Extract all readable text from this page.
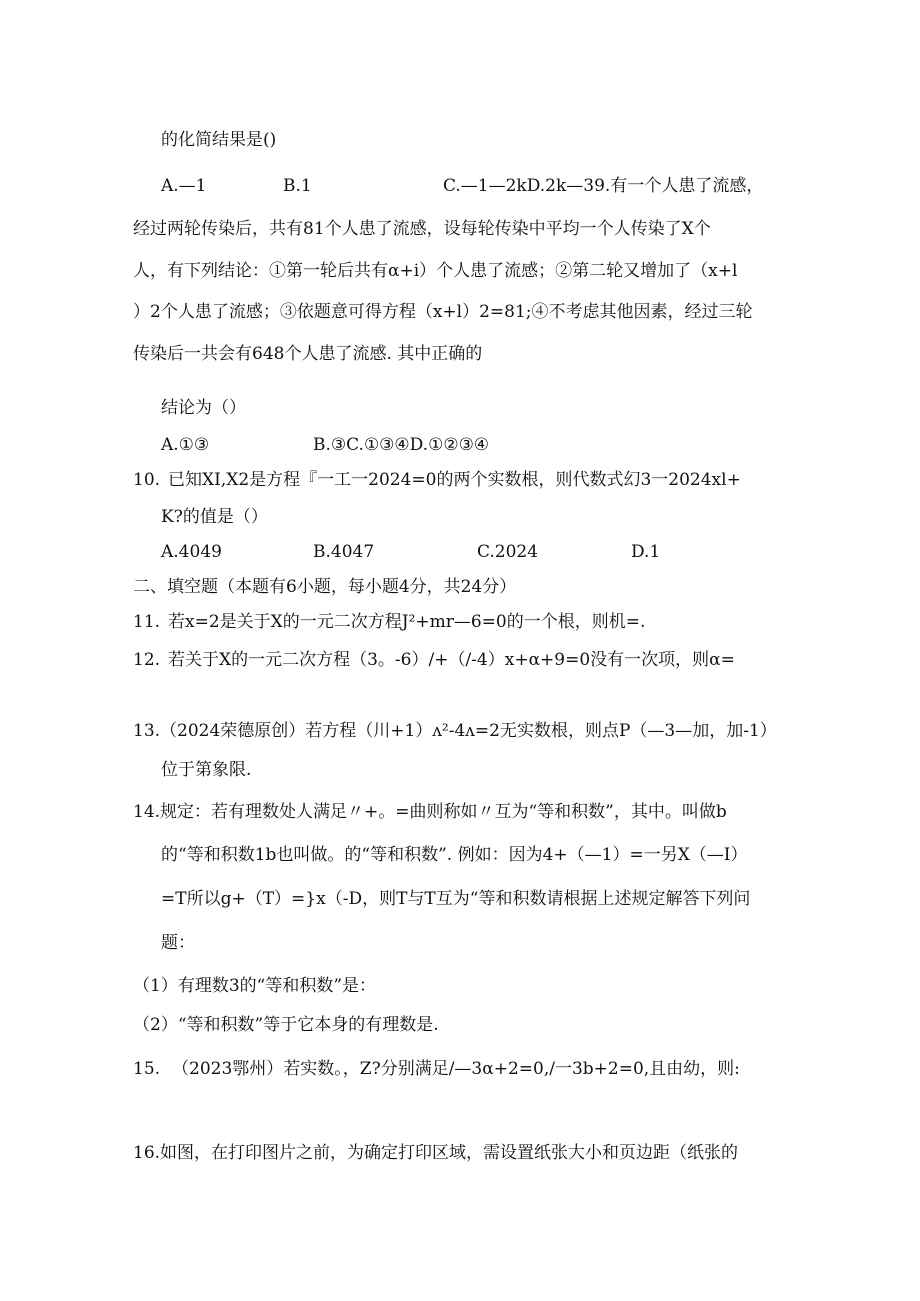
的化简结果是()
A.—1	B.1	C.—1—2kD.2k—39.有一个人患了流感，
经过两轮传染后，共有81个人患了流感，设每轮传染中平均一个人传染了X个
人，有下列结论：①第一轮后共有α+i）个人患了流感；②第二轮又增加了（x+l
）2个人患了流感；③依题意可得方程（x+l）2=81;④不考虑其他因素，经过三轮
传染后一共会有648个人患了流感. 其中正确的
结论为（）
A.①③	B.③C.①③④D.①②③④
10. 已知XI,X2是方程『一工一2024=0的两个实数根，则代数式幻3一2024xl+
K?的值是（）
A.4049	B.4047	C.2024	D.1
二、填空题（本题有6小题，每小题4分，共24分）
11. 若x=2是关于X的一元二次方程J²+mr—6=0的一个根，则机=.
12. 若关于X的一元二次方程（3。-6）/+（/-4）x+α+9=0没有一次项，则α=
13. （2024荣德原创）若方程（川+1）ʌ²-4ʌ=2无实数根，则点P（—3—加，加-1）
位于第象限.
14. 规定：若有理数处人满足〃+。=曲则称如〃互为“等和积数”，其中。叫做b
的“等和积数1b也叫做。的“等和积数”. 例如：因为4+（—1）=一另X（—I）
=T所以g+（T）=}x（-D，则T与T互为“等和积数请根据上述规定解答下列问
题：
（1）有理数3的“等和积数”是：
（2）“等和积数”等于它本身的有理数是.
15. （2023鄂州）若实数。，Z?分别满足/—3α+2=0,/一3b+2=0,且由幼，则:
16. 如图，在打印图片之前，为确定打印区域，需设置纸张大小和页边距（纸张的
